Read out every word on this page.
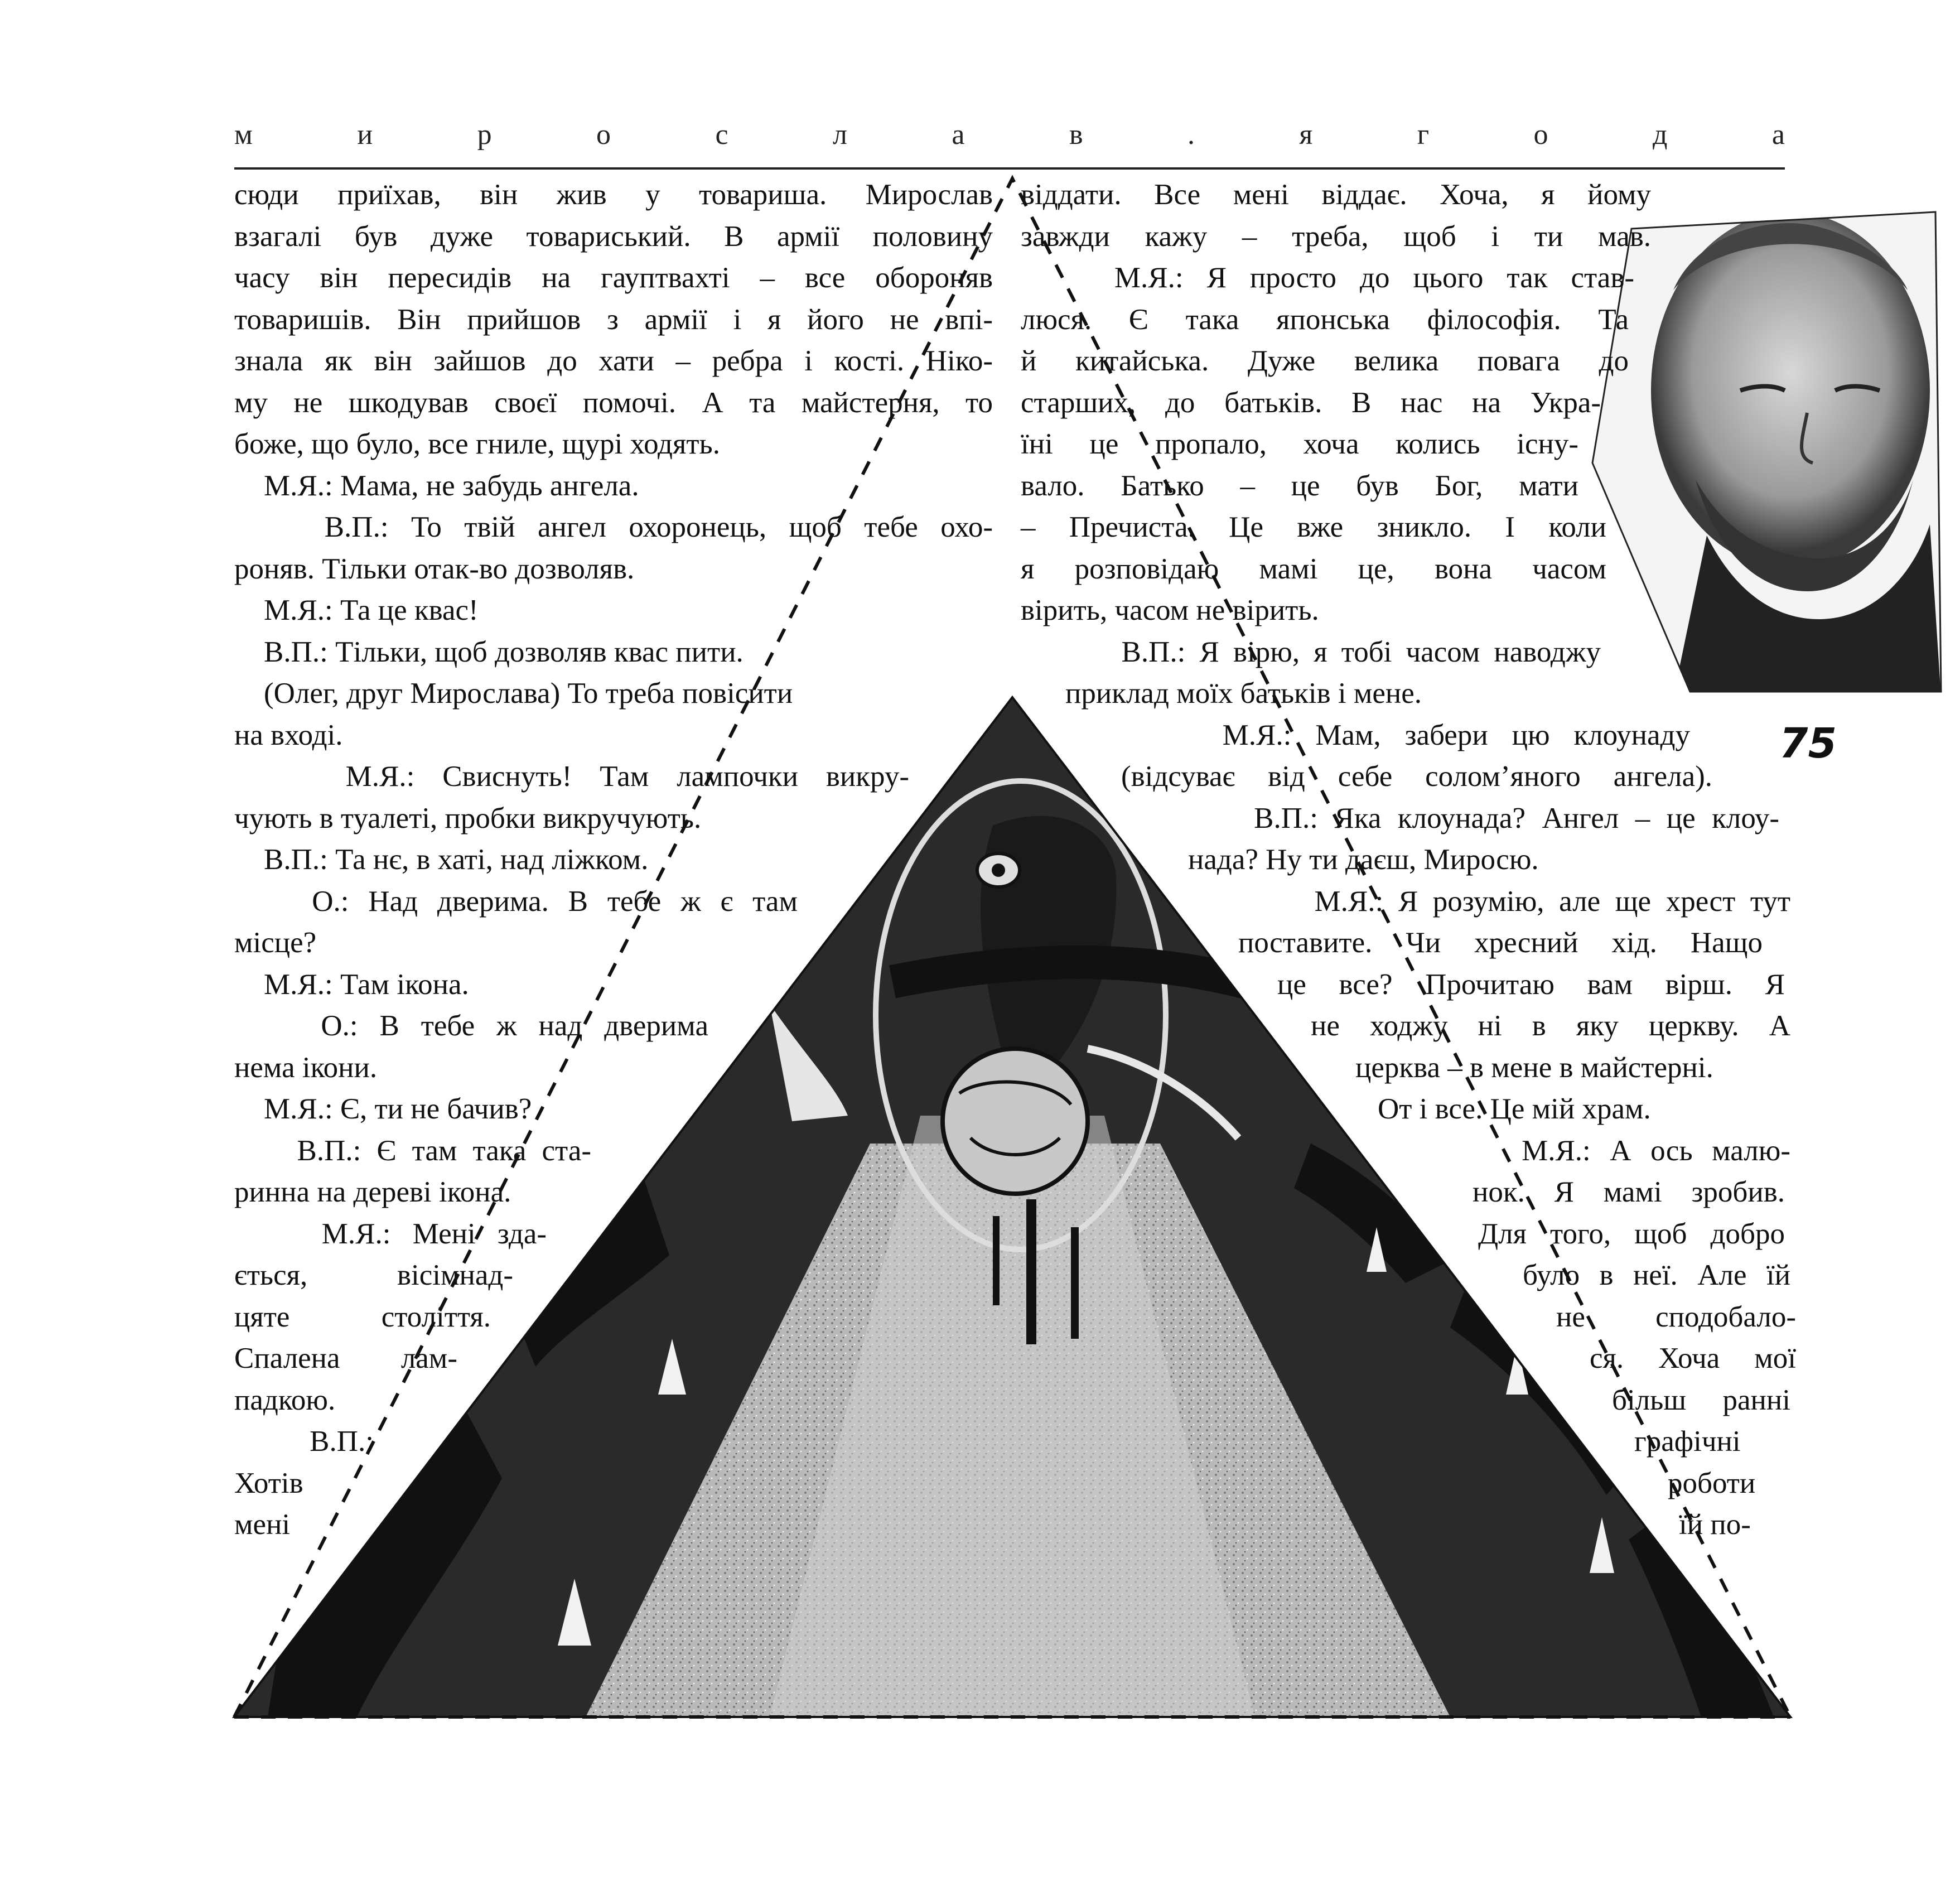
м	и	р	о	с	л	а	в	.	я	г	о	д	а
сюди приїхав, він жив у товариша. Мирослав
взагалі був дуже товариський. В армії половину
часу він пересидів на гауптвахті – все обороняв
товаришів. Він прийшов з армії і я його не впі-
знала як він зайшов до хати – ребра і кості. Ніко-
му не шкодував своєї помочі. А та майстерня, то
боже, що було, все гниле, щурі ходять.
М.Я.: Мама, не забудь ангела.
В.П.: То твій ангел охоронець, щоб тебе охо-
роняв. Тільки отак-во дозволяв.
М.Я.: Та це квас!
В.П.: Тільки, щоб дозволяв квас пити.
(Олег, друг Мирослава) То треба повісити
на вході.
М.Я.: Свиснуть! Там лампочки викру-
чують в туалеті, пробки викручують.
В.П.: Та нє, в хаті, над ліжком.
О.: Над дверима. В тебе ж є там
місце?
М.Я.: Там ікона.
О.: В тебе ж над дверима
нема ікони.
М.Я.: Є, ти не бачив?
В.П.: Є там така ста-
ринна на дереві ікона.
М.Я.: Мені зда-
ється, вісімнад-
цяте століття.
Спалена лам-
падкою.
В.П.:
Хотів
мені
віддати. Все мені віддає. Хоча, я йому
завжди кажу – треба, щоб і ти мав.
М.Я.: Я просто до цього так став-
люся. Є така японська філософія. Та
й китайська. Дуже велика повага до
старших, до батьків. В нас на Укра-
їні це пропало, хоча колись існу-
вало. Батько – це був Бог, мати
– Пречиста. Це вже зникло. І коли
я розповідаю мамі це, вона часом
вірить, часом не вірить.
В.П.: Я вірю, я тобі часом наводжу
приклад моїх батьків і мене.
М.Я.: Мам, забери цю клоунаду
(відсуває від себе солом’яного ангела).
В.П.: Яка клоунада? Ангел – це клоу-
нада? Ну ти даєш, Миросю.
М.Я.: Я розумію, але ще хрест тут
поставите. Чи хресний хід. Нащо
це все? Прочитаю вам вірш. Я
не ходжу ні в яку церкву. А
церква – в мене в майстерні.
От і все. Це мій храм.
М.Я.: А ось малю-
нок. Я мамі зробив.
Для того, щоб добро
було в неї. Але їй
не сподобало-
ся. Хоча мої
більш ранні
графічні
роботи
їй по-
75
